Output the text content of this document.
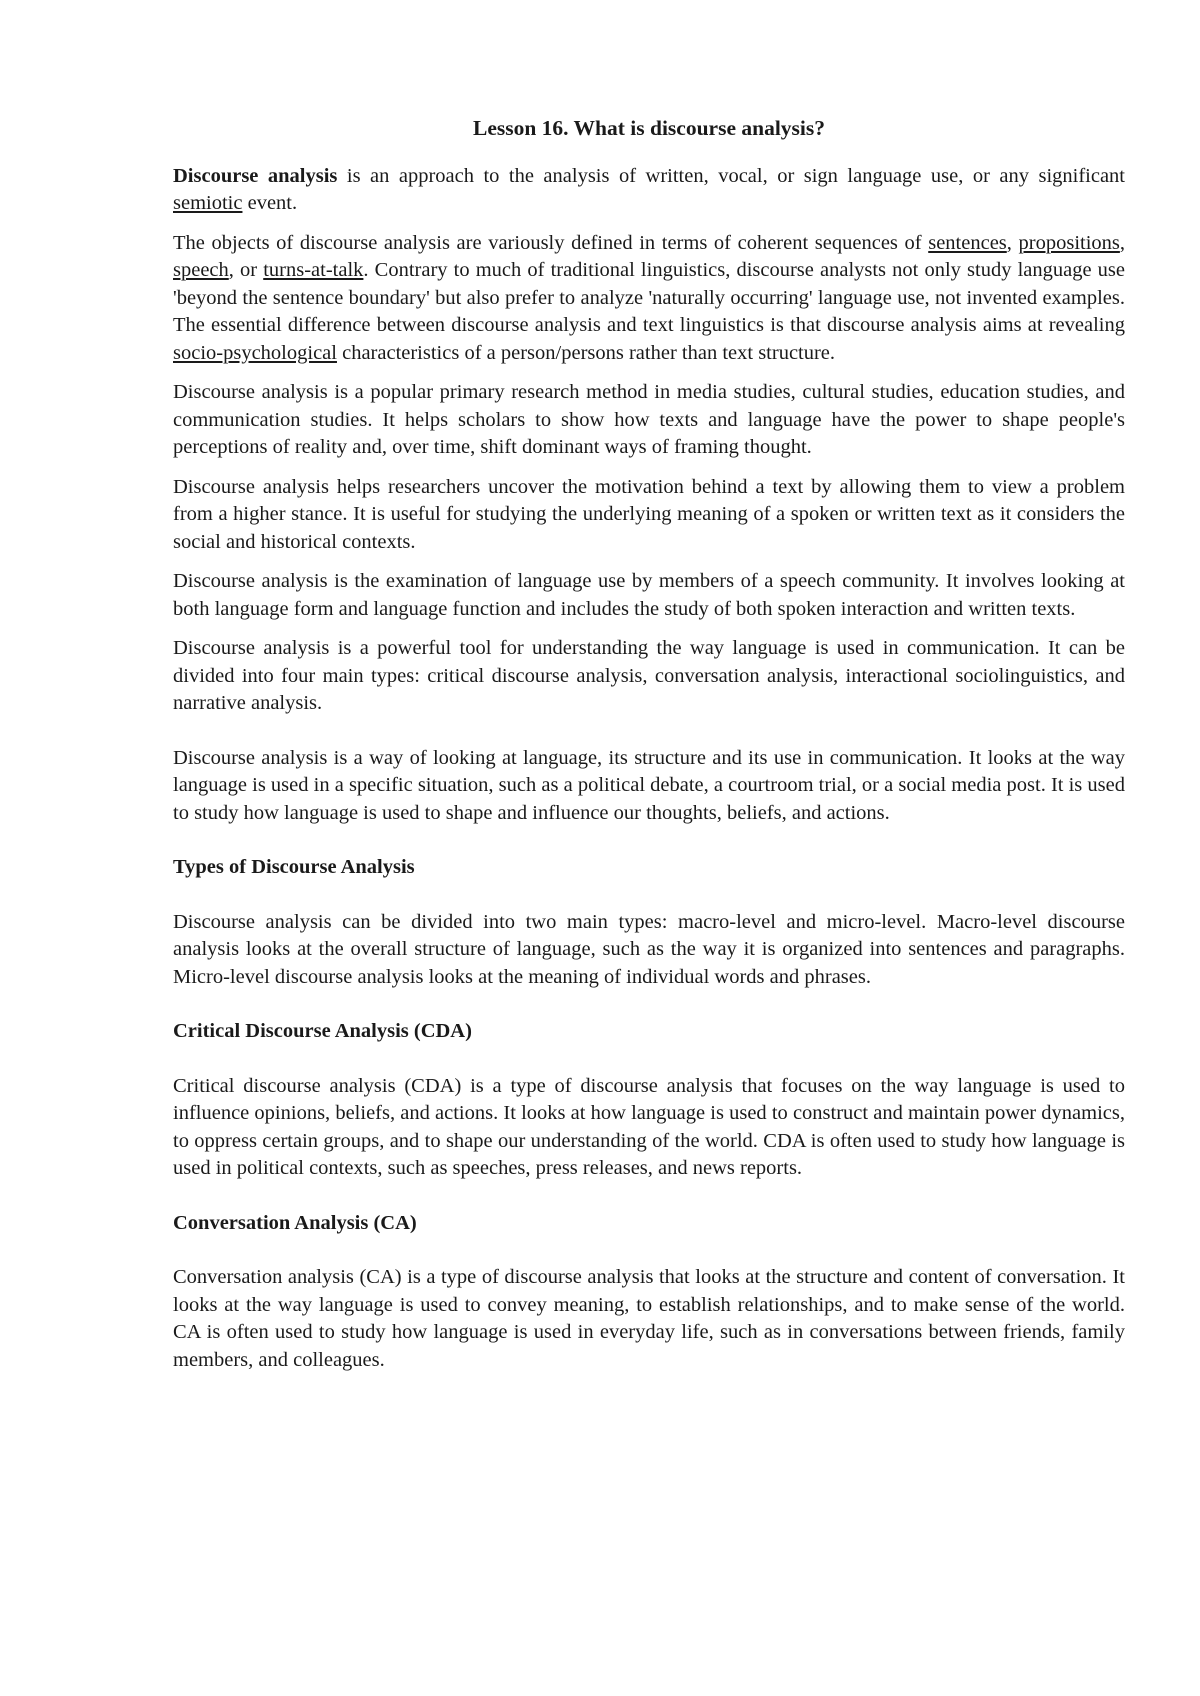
Lesson 16. What is discourse analysis?

Discourse analysis is an approach to the analysis of written, vocal, or sign language use, or any significant semiotic event.

The objects of discourse analysis are variously defined in terms of coherent sequences of sentences, propositions, speech, or turns-at-talk. Contrary to much of traditional linguistics, discourse analysts not only study language use 'beyond the sentence boundary' but also prefer to analyze 'naturally occurring' language use, not invented examples. The essential difference between discourse analysis and text linguistics is that discourse analysis aims at revealing socio-psychological characteristics of a person/persons rather than text structure.

Discourse analysis is a popular primary research method in media studies, cultural studies, education studies, and communication studies. It helps scholars to show how texts and language have the power to shape people's perceptions of reality and, over time, shift dominant ways of framing thought.

Discourse analysis helps researchers uncover the motivation behind a text by allowing them to view a problem from a higher stance. It is useful for studying the underlying meaning of a spoken or written text as it considers the social and historical contexts.

Discourse analysis is the examination of language use by members of a speech community. It involves looking at both language form and language function and includes the study of both spoken interaction and written texts.

Discourse analysis is a powerful tool for understanding the way language is used in communication. It can be divided into four main types: critical discourse analysis, conversation analysis, interactional sociolinguistics, and narrative analysis.

Discourse analysis is a way of looking at language, its structure and its use in communication. It looks at the way language is used in a specific situation, such as a political debate, a courtroom trial, or a social media post. It is used to study how language is used to shape and influence our thoughts, beliefs, and actions.

Types of Discourse Analysis

Discourse analysis can be divided into two main types: macro-level and micro-level. Macro-level discourse analysis looks at the overall structure of language, such as the way it is organized into sentences and paragraphs. Micro-level discourse analysis looks at the meaning of individual words and phrases.

Critical Discourse Analysis (CDA)

Critical discourse analysis (CDA) is a type of discourse analysis that focuses on the way language is used to influence opinions, beliefs, and actions. It looks at how language is used to construct and maintain power dynamics, to oppress certain groups, and to shape our understanding of the world. CDA is often used to study how language is used in political contexts, such as speeches, press releases, and news reports.

Conversation Analysis (CA)

Conversation analysis (CA) is a type of discourse analysis that looks at the structure and content of conversation. It looks at the way language is used to convey meaning, to establish relationships, and to make sense of the world. CA is often used to study how language is used in everyday life, such as in conversations between friends, family members, and colleagues.
